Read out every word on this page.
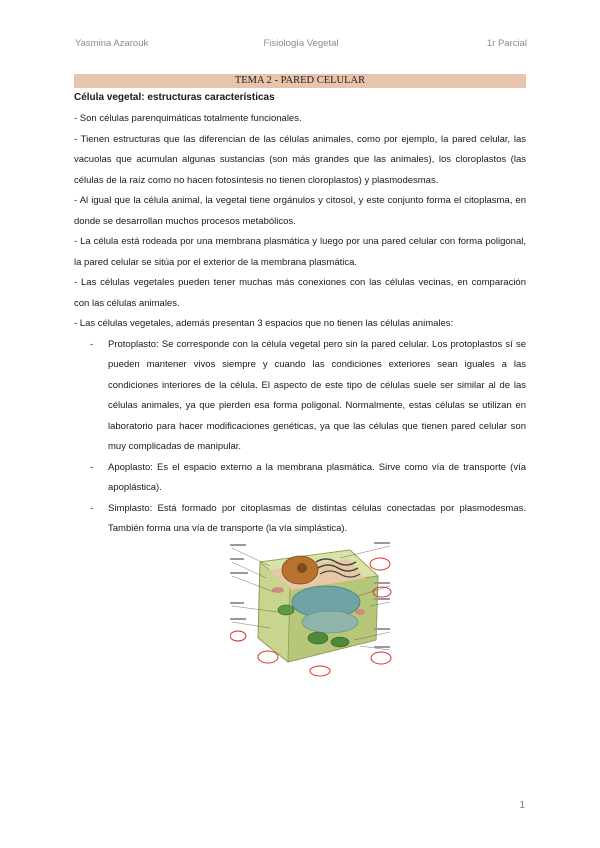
Yasmina Azarouk	Fisiología Vegetal	1r Parcial
TEMA 2 - PARED CELULAR
Célula vegetal: estructuras características

- Son células parenquimáticas totalmente funcionales.

- Tienen estructuras que las diferencian de las células animales, como por ejemplo, la pared celular, las vacuolas que acumulan algunas sustancias (son más grandes que las animales), los cloroplastos (las células de la raíz como no hacen fotosíntesis no tienen cloroplastos) y plasmodesmas.

- Al igual que la célula animal, la vegetal tiene orgánulos y citosol, y este conjunto forma el citoplasma, en donde se desarrollan muchos procesos metabólicos.

- La célula está rodeada por una membrana plasmática y luego por una pared celular con forma poligonal, la pared celular se sitúa por el exterior de la membrana plasmática.

- Las células vegetales pueden tener muchas más conexiones con las células vecinas, en comparación con las células animales.

- Las células vegetales, además presentan 3 espacios que no tienen las células animales:

- Protoplasto: Se corresponde con la célula vegetal pero sin la pared celular. Los protoplastos sí se pueden mantener vivos siempre y cuando las condiciones exteriores sean iguales a las condiciones interiores de la célula. El aspecto de este tipo de células suele ser similar al de las células animales, ya que pierden esa forma poligonal. Normalmente, estas células se utilizan en laboratorio para hacer modificaciones genéticas, ya que las células que tienen pared celular son muy complicadas de manipular.
- Apoplasto: Es el espacio externo a la membrana plasmática. Sirve como vía de transporte (vía apoplástica).
- Simplasto: Está formado por citoplasmas de distintas células conectadas por plasmodesmas. También forma una vía de transporte (la vía simplástica).
1
